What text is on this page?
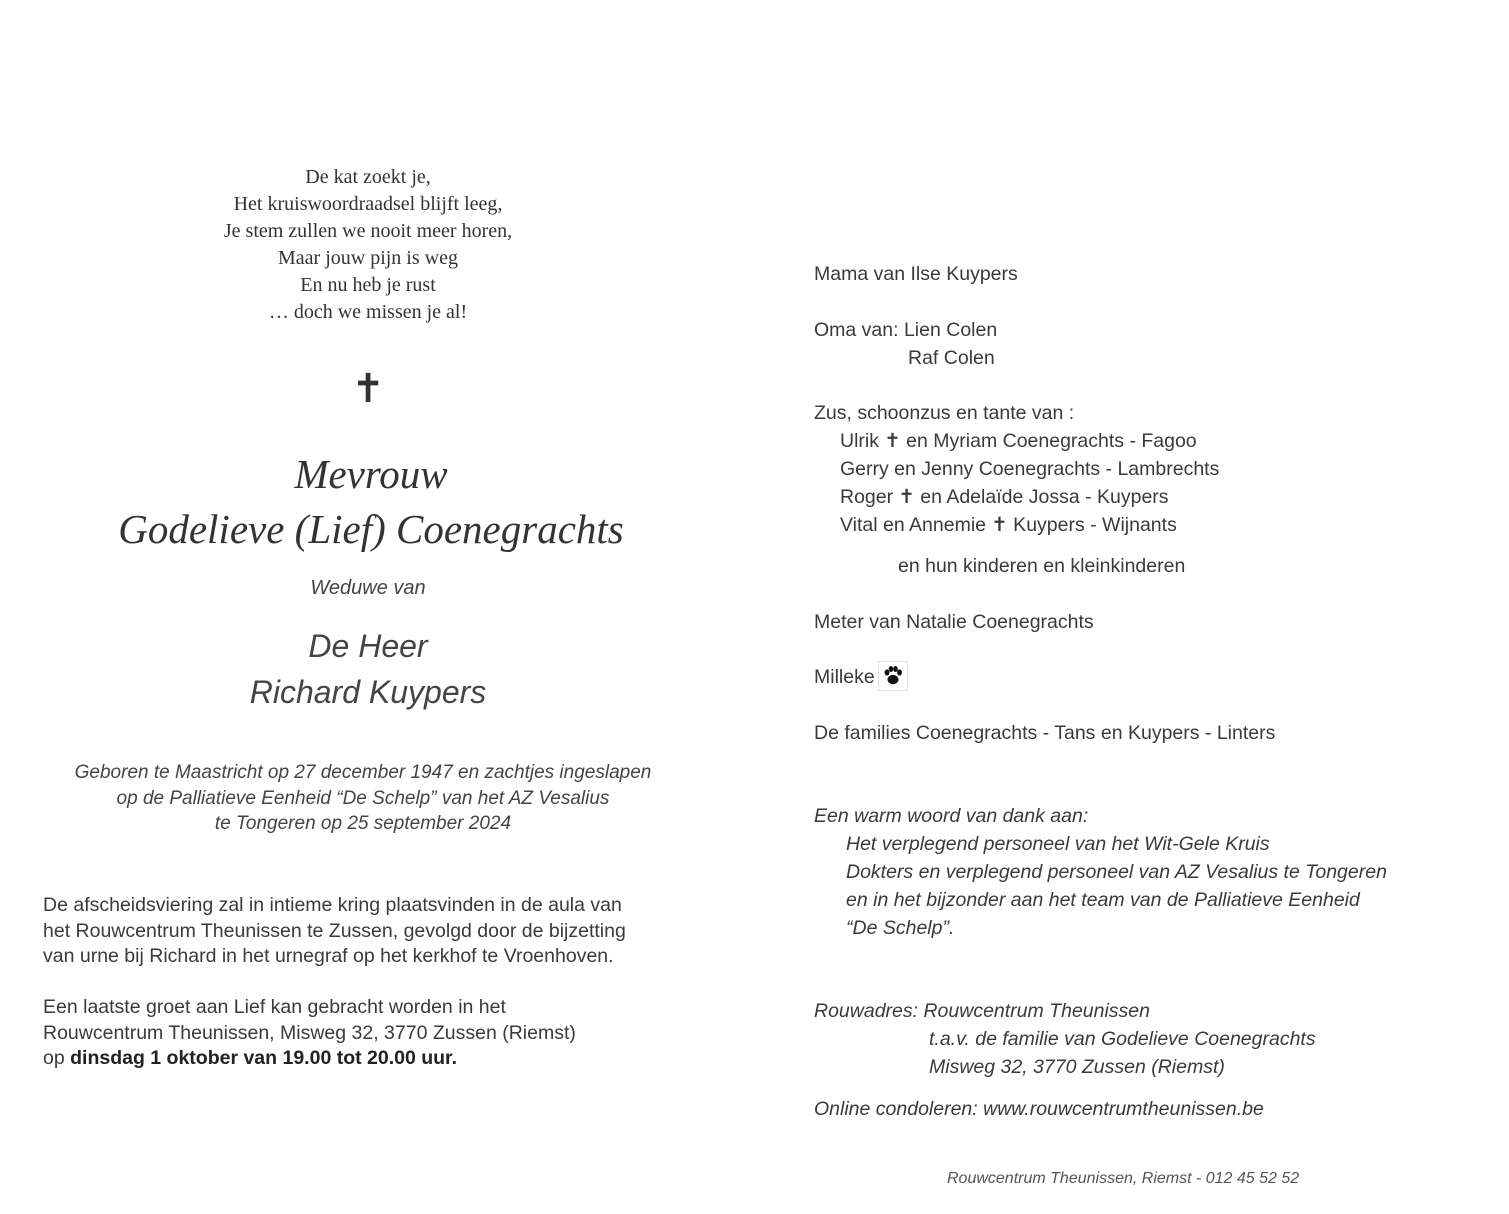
De kat zoekt je,
Het kruiswoordraadsel blijft leeg,
Je stem zullen we nooit meer horen,
Maar jouw pijn is weg
En nu heb je rust
… doch we missen je al!
✝
Mevrouw
Godelieve (Lief) Coenegrachts
Weduwe van
De Heer
Richard Kuypers
Geboren te Maastricht op 27 december 1947 en zachtjes ingeslapen
op de Palliatieve Eenheid “De Schelp” van het AZ Vesalius
te Tongeren op 25 september 2024
De afscheidsviering zal in intieme kring plaatsvinden in de aula van
het Rouwcentrum Theunissen te Zussen, gevolgd door de bijzetting
van urne bij Richard in het urnegraf op het kerkhof te Vroenhoven.
Een laatste groet aan Lief kan gebracht worden in het
Rouwcentrum Theunissen, Misweg 32, 3770 Zussen (Riemst)
op dinsdag 1 oktober van 19.00 tot 20.00 uur.
Mama van Ilse Kuypers
Oma van: Lien Colen
Raf Colen
Zus, schoonzus en tante van :
Ulrik ✝ en Myriam Coenegrachts - Fagoo
Gerry en Jenny Coenegrachts - Lambrechts
Roger ✝ en Adelaïde Jossa - Kuypers
Vital en Annemie ✝ Kuypers - Wijnants
en hun kinderen en kleinkinderen
Meter van Natalie Coenegrachts
Milleke
De families Coenegrachts - Tans en Kuypers - Linters
Een warm woord van dank aan:
Het verplegend personeel van het Wit-Gele Kruis
Dokters en verplegend personeel van AZ Vesalius te Tongeren
en in het bijzonder aan het team van de Palliatieve Eenheid
“De Schelp”.
Rouwadres: Rouwcentrum Theunissen
t.a.v. de familie van Godelieve Coenegrachts
Misweg 32, 3770 Zussen (Riemst)
Online condoleren: www.rouwcentrumtheunissen.be
Rouwcentrum Theunissen, Riemst - 012 45 52 52
